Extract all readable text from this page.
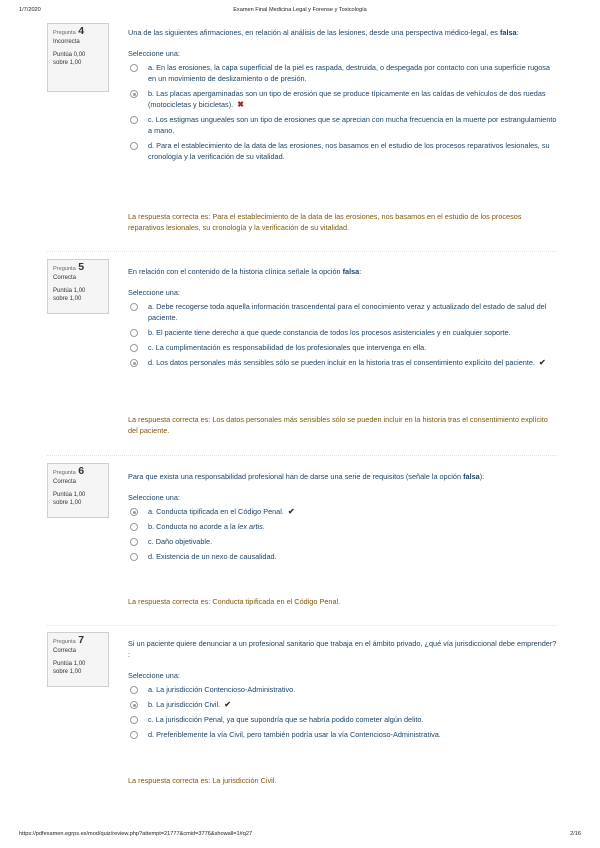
1/7/2020	Examen Final Medicina Legal y Forense y Toxicología
Pregunta 4
Incorrecta
Puntúa 0,00
sobre 1,00

Una de las siguientes afirmaciones, en relación al análisis de las lesiones, desde una perspectiva médico-legal, es falsa:

Seleccione una:
a. En las erosiones, la capa superficial de la piel es raspada, destruida, o despegada por contacto con una superficie rugosa en un movimiento de deslizamiento o de presión.
b. Las placas apergaminadas son un tipo de erosión que se produce típicamente en las caídas de vehículos de dos ruedas (motocicletas y bicicletas). ✖
c. Los estigmas ungueales son un tipo de erosiones que se aprecian con mucha frecuencia en la muerte por estrangulamiento a mano.
d. Para el establecimiento de la data de las erosiones, nos basamos en el estudio de los procesos reparativos lesionales, su cronología y la verificación de su vitalidad.
La respuesta correcta es: Para el establecimiento de la data de las erosiones, nos basamos en el estudio de los procesos reparativos lesionales, su cronología y la verificación de su vitalidad.
Pregunta 5
Correcta
Puntúa 1,00
sobre 1,00

En relación con el contenido de la historia clínica señale la opción falsa:

Seleccione una:
a. Debe recogerse toda aquella información trascendental para el conocimiento veraz y actualizado del estado de salud del paciente.
b. El paciente tiene derecho a que quede constancia de todos los procesos asistenciales y en cualquier soporte.
c. La cumplimentación es responsabilidad de los profesionales que intervenga en ella.
d. Los datos personales más sensibles sólo se pueden incluir en la historia tras el consentimiento explícito del paciente. ✔
La respuesta correcta es: Los datos personales más sensibles sólo se pueden incluir en la historia tras el consentimiento explícito del paciente.
Pregunta 6
Correcta
Puntúa 1,00
sobre 1,00

Para que exista una responsabilidad profesional han de darse una serie de requisitos (señale la opción falsa):

Seleccione una:
a. Conducta tipificada en el Código Penal. ✔
b. Conducta no acorde a la lex artis.
c. Daño objetivable.
d. Existencia de un nexo de causalidad.
La respuesta correcta es: Conducta tipificada en el Código Penal.
Pregunta 7
Correcta
Puntúa 1,00
sobre 1,00

Si un paciente quiere denunciar a un profesional sanitario que trabaja en el ámbito privado, ¿qué vía jurisdiccional debe emprender? :

Seleccione una:
a. La jurisdicción Contencioso-Administrativo.
b. La jurisdicción Civil. ✔
c. La jurisdicción Penal, ya que supondría que se habría podido cometer algún delito.
d. Preferiblemente la vía Civil, pero también podría usar la vía Contencioso-Administrativa.
La respuesta correcta es: La jurisdicción Civil.
https://pdfexamen.egrps.es/mod/quiz/review.php?attempt=21777&cmid=3776&showall=1#q27	2/16
